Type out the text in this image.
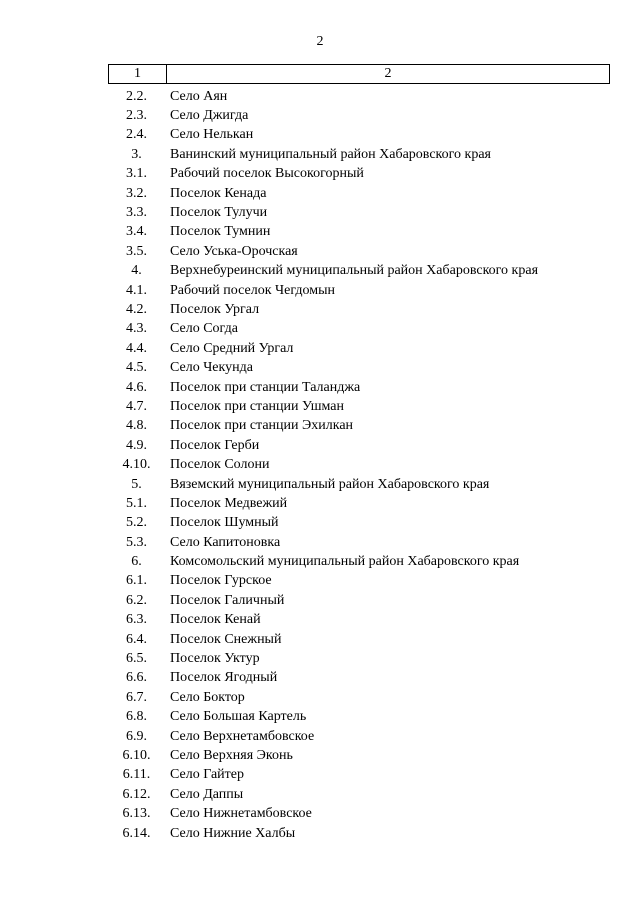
2
1	2
2.2.	Село Аян
2.3.	Село Джигда
2.4.	Село Нелькан
3.	Ванинский муниципальный район Хабаровского края
3.1.	Рабочий поселок Высокогорный
3.2.	Поселок Кенада
3.3.	Поселок Тулучи
3.4.	Поселок Тумнин
3.5.	Село Уська-Орочская
4.	Верхнебуреинский муниципальный район Хабаровского края
4.1.	Рабочий поселок Чегдомын
4.2.	Поселок Ургал
4.3.	Село Согда
4.4.	Село Средний Ургал
4.5.	Село Чекунда
4.6.	Поселок при станции Таланджа
4.7.	Поселок при станции Ушман
4.8.	Поселок при станции Эхилкан
4.9.	Поселок Герби
4.10.	Поселок Солони
5.	Вяземский муниципальный район Хабаровского края
5.1.	Поселок Медвежий
5.2.	Поселок Шумный
5.3.	Село Капитоновка
6.	Комсомольский муниципальный район Хабаровского края
6.1.	Поселок Гурское
6.2.	Поселок Галичный
6.3.	Поселок Кенай
6.4.	Поселок Снежный
6.5.	Поселок Уктур
6.6.	Поселок Ягодный
6.7.	Село Боктор
6.8.	Село Большая Картель
6.9.	Село Верхнетамбовское
6.10.	Село Верхняя Эконь
6.11.	Село Гайтер
6.12.	Село Даппы
6.13.	Село Нижнетамбовское
6.14.	Село Нижние Халбы
